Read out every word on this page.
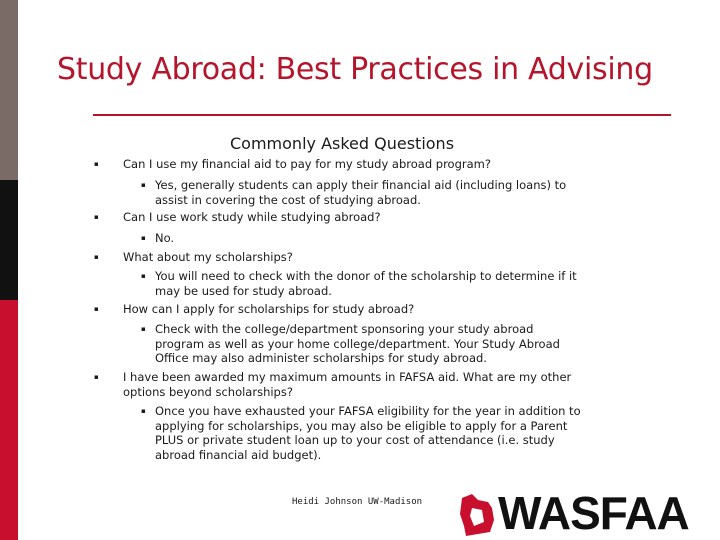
Study Abroad: Best Practices in Advising
Commonly Asked Questions
▪ Can I use my financial aid to pay for my study abroad program?
▪ Yes, generally students can apply their financial aid (including loans) to assist in covering the cost of studying abroad.
▪ Can I use work study while studying abroad?
▪ No.
▪ What about my scholarships?
▪ You will need to check with the donor of the scholarship to determine if it may be used for study abroad.
▪ How can I apply for scholarships for study abroad?
▪ Check with the college/department sponsoring your study abroad program as well as your home college/department. Your Study Abroad Office may also administer scholarships for study abroad.
▪ I have been awarded my maximum amounts in FAFSA aid. What are my other options beyond scholarships?
▪ Once you have exhausted your FAFSA eligibility for the year in addition to applying for scholarships, you may also be eligible to apply for a Parent PLUS or private student loan up to your cost of attendance (i.e. study abroad financial aid budget).
Heidi Johnson UW-Madison WASFAA
